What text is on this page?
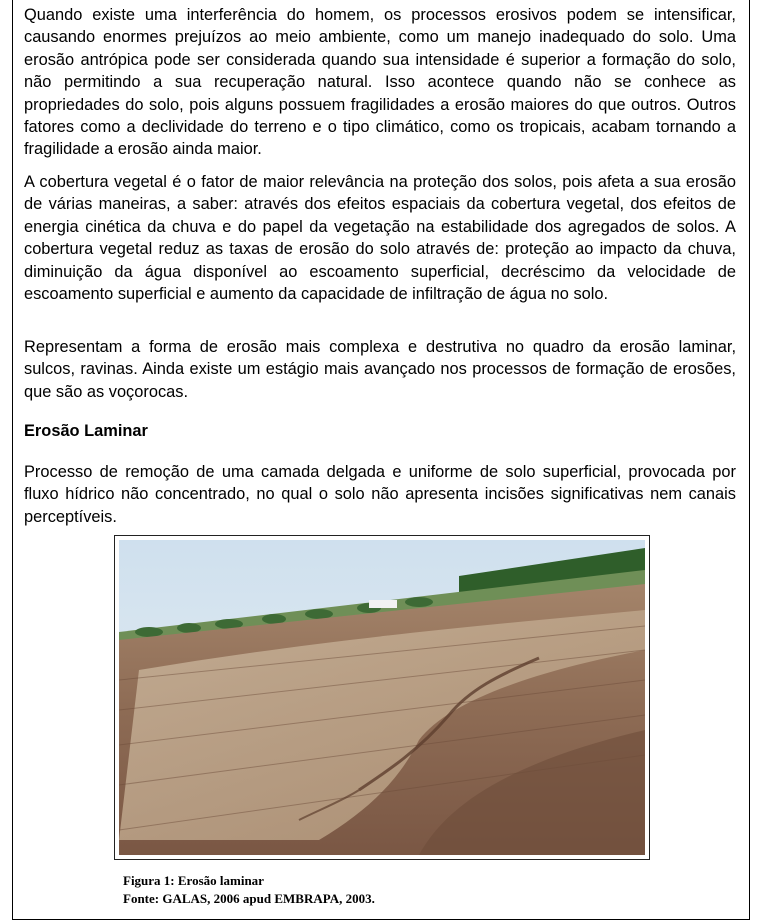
Quando existe uma interferência do homem, os processos erosivos podem se intensificar, causando enormes prejuízos ao meio ambiente, como um manejo inadequado do solo. Uma erosão antrópica pode ser considerada quando sua intensidade é superior a formação do solo, não permitindo a sua recuperação natural. Isso acontece quando não se conhece as propriedades do solo, pois alguns possuem fragilidades a erosão maiores do que outros. Outros fatores como a declividade do terreno e o tipo climático, como os tropicais, acabam tornando a fragilidade a erosão ainda maior.

A cobertura vegetal é o fator de maior relevância na proteção dos solos, pois afeta a sua erosão de várias maneiras, a saber: através dos efeitos espaciais da cobertura vegetal, dos efeitos de energia cinética da chuva e do papel da vegetação na estabilidade dos agregados de solos. A cobertura vegetal reduz as taxas de erosão do solo através de: proteção ao impacto da chuva, diminuição da água disponível ao escoamento superficial, decréscimo da velocidade de escoamento superficial e aumento da capacidade de infiltração de água no solo.

Representam a forma de erosão mais complexa e destrutiva no quadro da erosão laminar, sulcos, ravinas. Ainda existe um estágio mais avançado nos processos de formação de erosões, que são as voçorocas.

Erosão Laminar

Processo de remoção de uma camada delgada e uniforme de solo superficial, provocada por fluxo hídrico não concentrado, no qual o solo não apresenta incisões significativas nem canais perceptíveis.

Figura 1: Erosão laminar
Fonte: GALAS, 2006 apud EMBRAPA, 2003.
